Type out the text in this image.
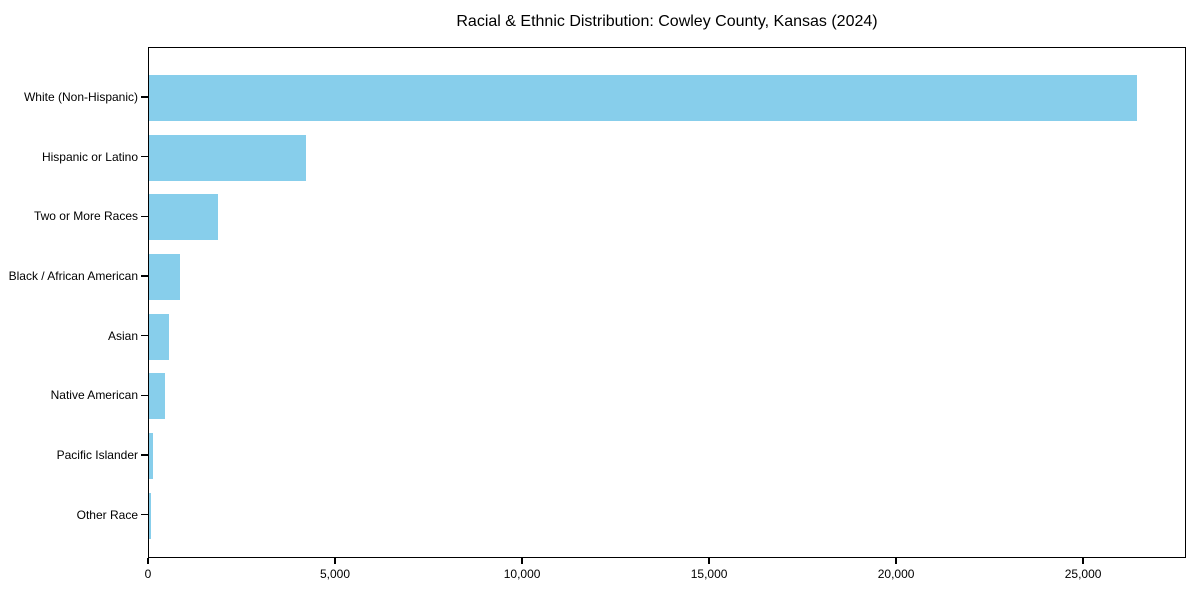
Racial & Ethnic Distribution: Cowley County, Kansas (2024)
White (Non-Hispanic)
Hispanic or Latino
Two or More Races
Black / African American
Asian
Native American
Pacific Islander
Other Race
0	5,000	10,000	15,000	20,000	25,000
